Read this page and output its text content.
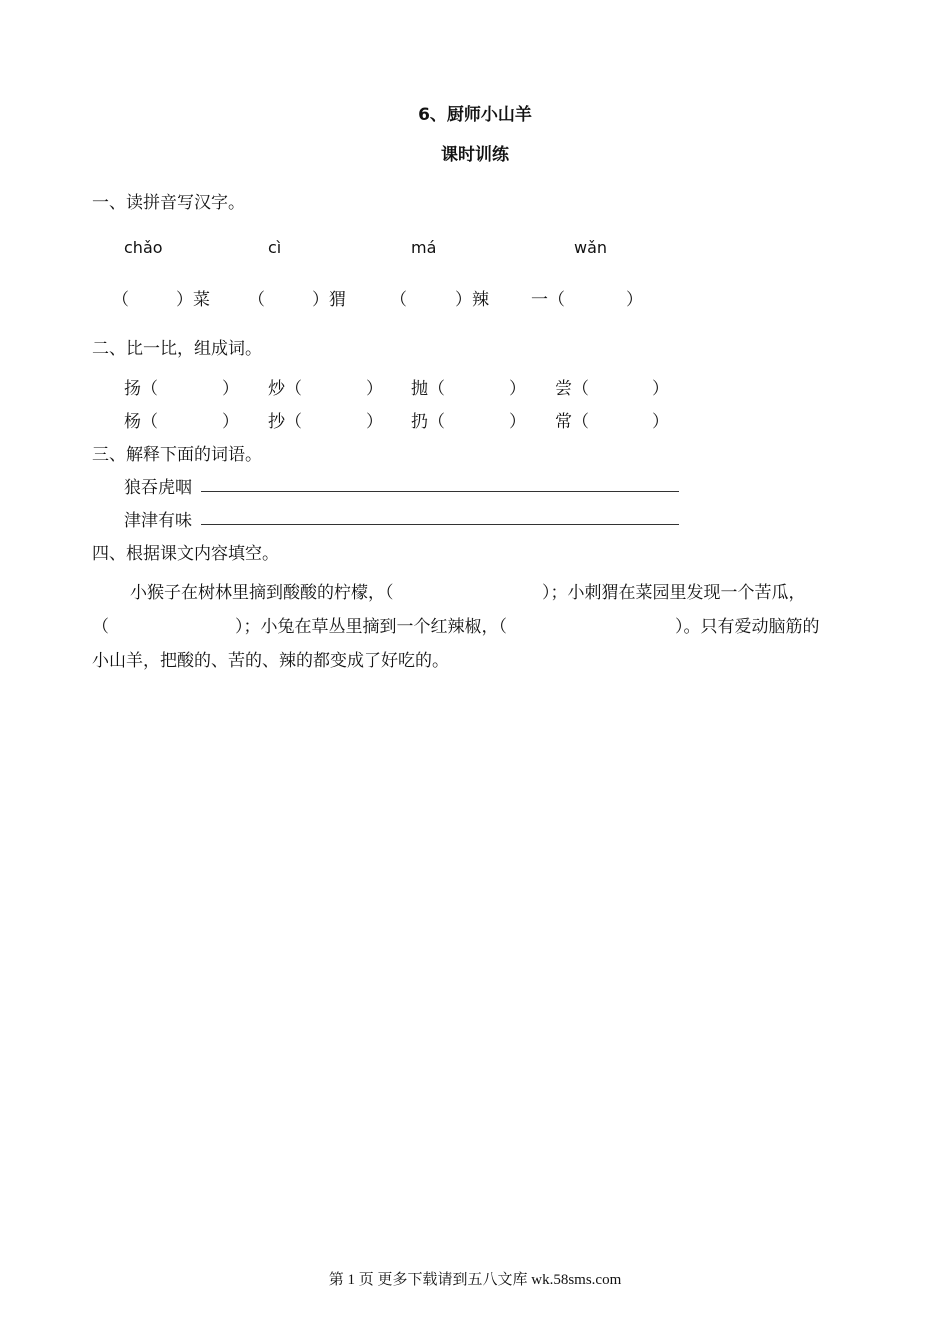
6、厨师小山羊
课时训练
一、读拼音写汉字。
chǎo	cì	má	wǎn
（	）菜 （	）猬	（	）辣 一（	）
二、比一比，组成词。
扬（	） 炒（	） 抛（	） 尝（	）
杨（	） 抄（	） 扔（	） 常（	）
三、解释下面的词语。
狼吞虎咽
津津有味
四、根据课文内容填空。
小猴子在树林里摘到酸酸的柠檬，（	）；小刺猬在菜园里发现一个苦瓜，
（	）；小兔在草丛里摘到一个红辣椒，（	）。只有爱动脑筋的
小山羊，把酸的、苦的、辣的都变成了好吃的。
第 1 页 更多下载请到五八文库 wk.58sms.com
